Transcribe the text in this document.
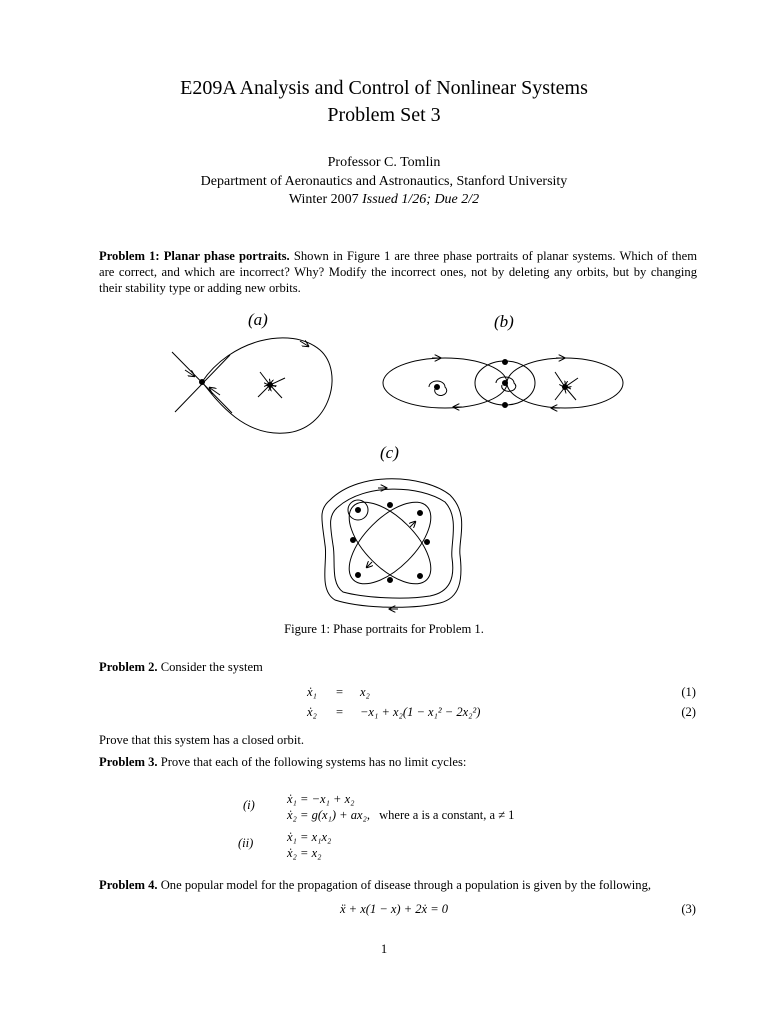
E209A Analysis and Control of Nonlinear Systems
Problem Set 3
Professor C. Tomlin
Department of Aeronautics and Astronautics, Stanford University
Winter 2007 Issued 1/26; Due 2/2
Problem 1: Planar phase portraits. Shown in Figure 1 are three phase portraits of planar systems. Which of them are correct, and which are incorrect? Why? Modify the incorrect ones, not by deleting any orbits, but by changing their stability type or adding new orbits.
(a)	(b)
(c)
Figure 1: Phase portraits for Problem 1.
Problem 2. Consider the system
ẋ₁ = x₂	(1)
ẋ₂ = −x₁ + x₂(1 − x₁² − 2x₂²)	(2)
Prove that this system has a closed orbit.
Problem 3. Prove that each of the following systems has no limit cycles:
(i)	ẋ₁ = −x₁ + x₂
ẋ₂ = g(x₁) + ax₂, where a is a constant, a ≠ 1
(ii)	ẋ₁ = x₁x₂
ẋ₂ = x₂
Problem 4. One popular model for the propagation of disease through a population is given by the following,
ẍ + x(1 − x) + 2ẋ = 0	(3)
1
